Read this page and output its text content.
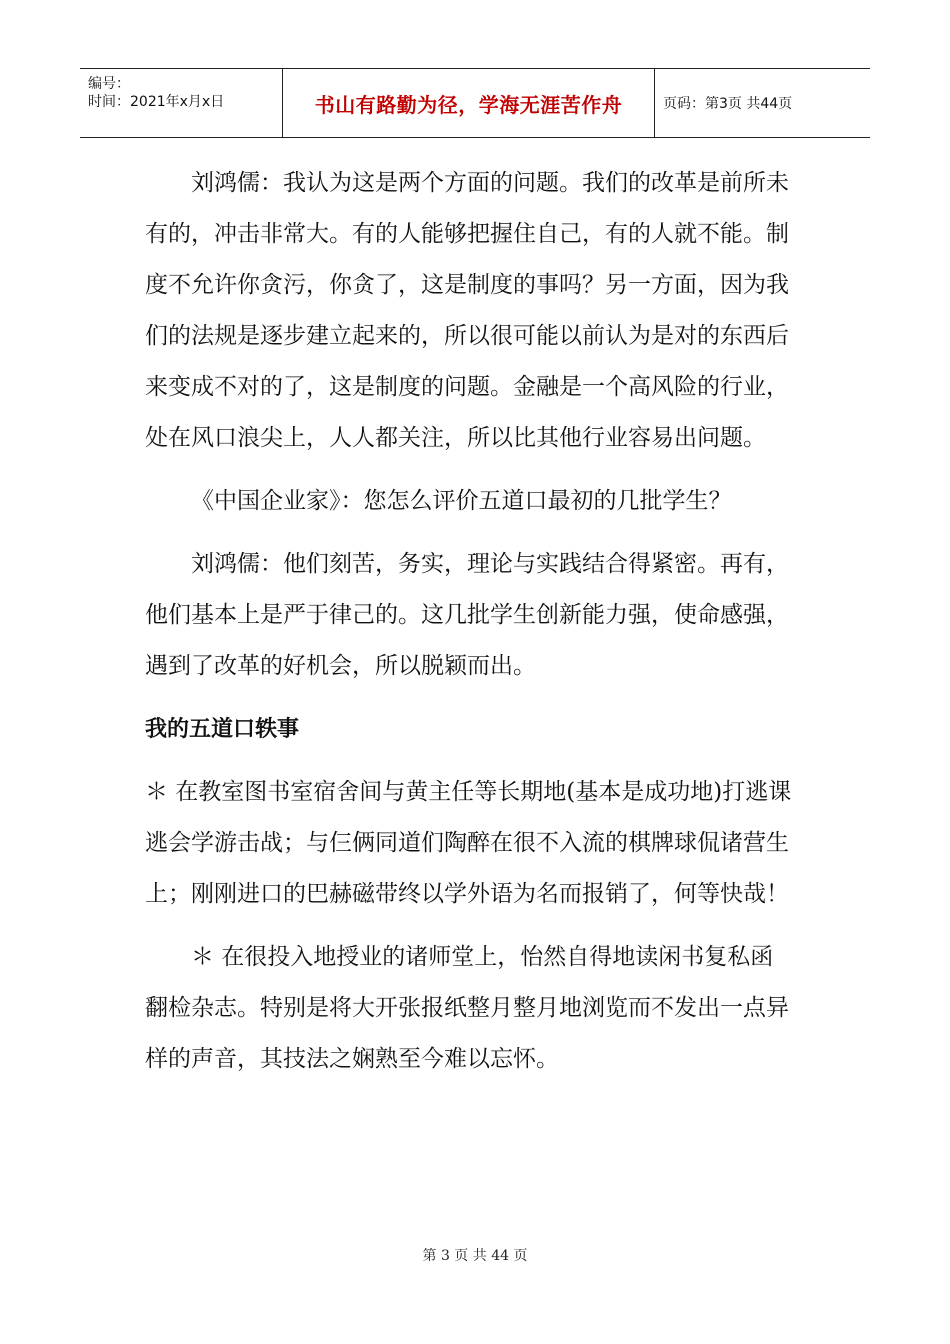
编号：
时间：2021年x月x日	书山有路勤为径，学海无涯苦作舟	页码：第3页 共44页

刘鸿儒：我认为这是两个方面的问题。我们的改革是前所未有的，冲击非常大。有的人能够把握住自己，有的人就不能。制度不允许你贪污，你贪了，这是制度的事吗？另一方面，因为我们的法规是逐步建立起来的，所以很可能以前认为是对的东西后来变成不对的了，这是制度的问题。金融是一个高风险的行业，处在风口浪尖上，人人都关注，所以比其他行业容易出问题。

《中国企业家》：您怎么评价五道口最初的几批学生？

刘鸿儒：他们刻苦，务实，理论与实践结合得紧密。再有，他们基本上是严于律己的。这几批学生创新能力强，使命感强，遇到了改革的好机会，所以脱颖而出。

我的五道口轶事

＊ 在教室图书室宿舍间与黄主任等长期地(基本是成功地)打逃课逃会学游击战；与仨俩同道们陶醉在很不入流的棋牌球侃诸营生上；刚刚进口的巴赫磁带终以学外语为名而报销了，何等快哉！

＊ 在很投入地授业的诸师堂上，怡然自得地读闲书复私函翻检杂志。特别是将大开张报纸整月整月地浏览而不发出一点异样的声音，其技法之娴熟至今难以忘怀。

第 3 页 共 44 页
